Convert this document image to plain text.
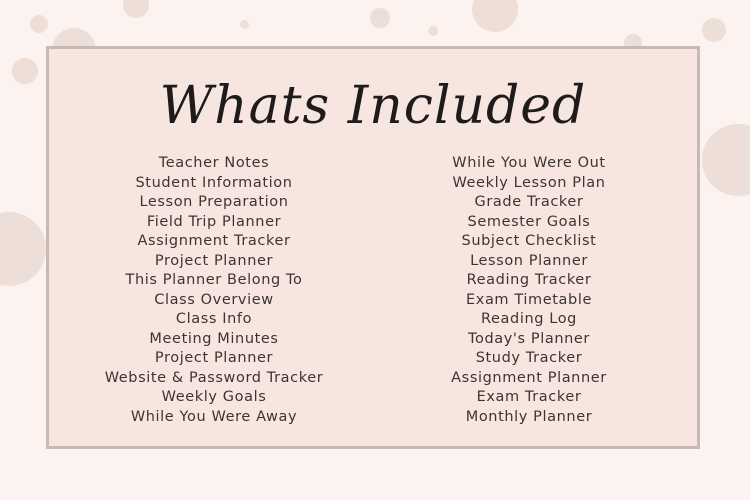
Whats Included
Teacher Notes
Student Information
Lesson Preparation
Field Trip Planner
Assignment Tracker
Project Planner
This Planner Belong To
Class Overview
Class Info
Meeting Minutes
Project Planner
Website & Password Tracker
Weekly Goals
While You Were Away
While You Were Out
Weekly Lesson Plan
Grade Tracker
Semester Goals
Subject Checklist
Lesson Planner
Reading Tracker
Exam Timetable
Reading Log
Today's Planner
Study Tracker
Assignment Planner
Exam Tracker
Monthly Planner
